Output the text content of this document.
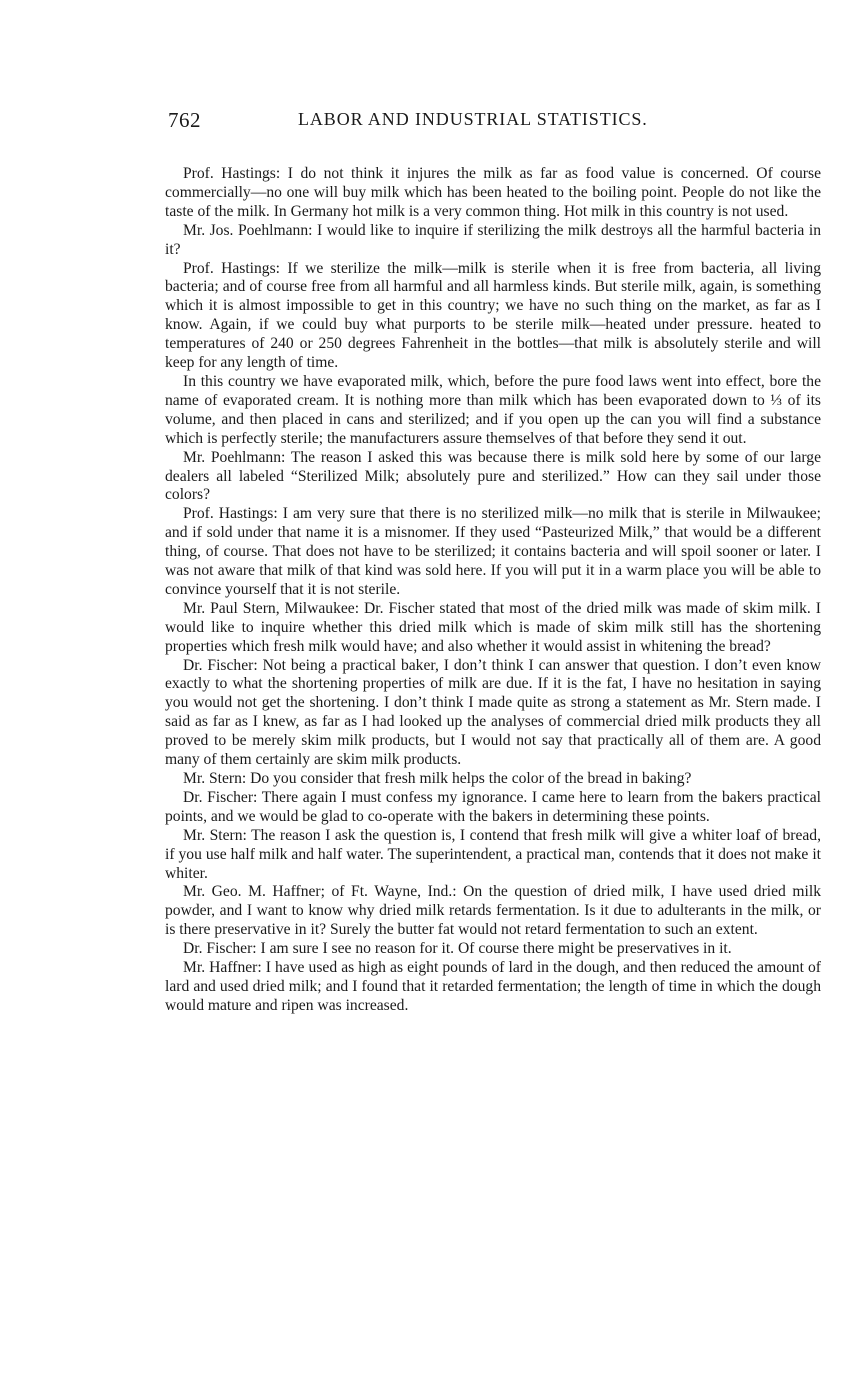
762	LABOR AND INDUSTRIAL STATISTICS.

Prof. Hastings: I do not think it injures the milk as far as food value is concerned. Of course commercially—no one will buy milk which has been heated to the boiling point. People do not like the taste of the milk. In Germany hot milk is a very common thing. Hot milk in this country is not used.

Mr. Jos. Poehlmann: I would like to inquire if sterilizing the milk destroys all the harmful bacteria in it?

Prof. Hastings: If we sterilize the milk—milk is sterile when it is free from bacteria, all living bacteria; and of course free from all harmful and all harmless kinds. But sterile milk, again, is something which it is almost impossible to get in this country; we have no such thing on the market, as far as I know. Again, if we could buy what purports to be sterile milk—heated under pressure. heated to temperatures of 240 or 250 degrees Fahrenheit in the bottles—that milk is absolutely sterile and will keep for any length of time.

In this country we have evaporated milk, which, before the pure food laws went into effect, bore the name of evaporated cream. It is nothing more than milk which has been evaporated down to ⅓ of its volume, and then placed in cans and sterilized; and if you open up the can you will find a substance which is perfectly sterile; the manufacturers assure themselves of that before they send it out.

Mr. Poehlmann: The reason I asked this was because there is milk sold here by some of our large dealers all labeled “Sterilized Milk; absolutely pure and sterilized.” How can they sail under those colors?

Prof. Hastings: I am very sure that there is no sterilized milk—no milk that is sterile in Milwaukee; and if sold under that name it is a misnomer. If they used “Pasteurized Milk,” that would be a different thing, of course. That does not have to be sterilized; it contains bacteria and will spoil sooner or later. I was not aware that milk of that kind was sold here. If you will put it in a warm place you will be able to convince yourself that it is not sterile.

Mr. Paul Stern, Milwaukee: Dr. Fischer stated that most of the dried milk was made of skim milk. I would like to inquire whether this dried milk which is made of skim milk still has the shortening properties which fresh milk would have; and also whether it would assist in whitening the bread?

Dr. Fischer: Not being a practical baker, I don’t think I can answer that question. I don’t even know exactly to what the shortening properties of milk are due. If it is the fat, I have no hesitation in saying you would not get the shortening. I don’t think I made quite as strong a statement as Mr. Stern made. I said as far as I knew, as far as I had looked up the analyses of commercial dried milk products they all proved to be merely skim milk products, but I would not say that practically all of them are. A good many of them certainly are skim milk products.

Mr. Stern: Do you consider that fresh milk helps the color of the bread in baking?

Dr. Fischer: There again I must confess my ignorance. I came here to learn from the bakers practical points, and we would be glad to co-operate with the bakers in determining these points.

Mr. Stern: The reason I ask the question is, I contend that fresh milk will give a whiter loaf of bread, if you use half milk and half water. The superintendent, a practical man, contends that it does not make it whiter.

Mr. Geo. M. Haffner; of Ft. Wayne, Ind.: On the question of dried milk, I have used dried milk powder, and I want to know why dried milk retards fermentation. Is it due to adulterants in the milk, or is there preservative in it? Surely the butter fat would not retard fermentation to such an extent.

Dr. Fischer: I am sure I see no reason for it. Of course there might be preservatives in it.

Mr. Haffner: I have used as high as eight pounds of lard in the dough, and then reduced the amount of lard and used dried milk; and I found that it retarded fermentation; the length of time in which the dough would mature and ripen was increased.
